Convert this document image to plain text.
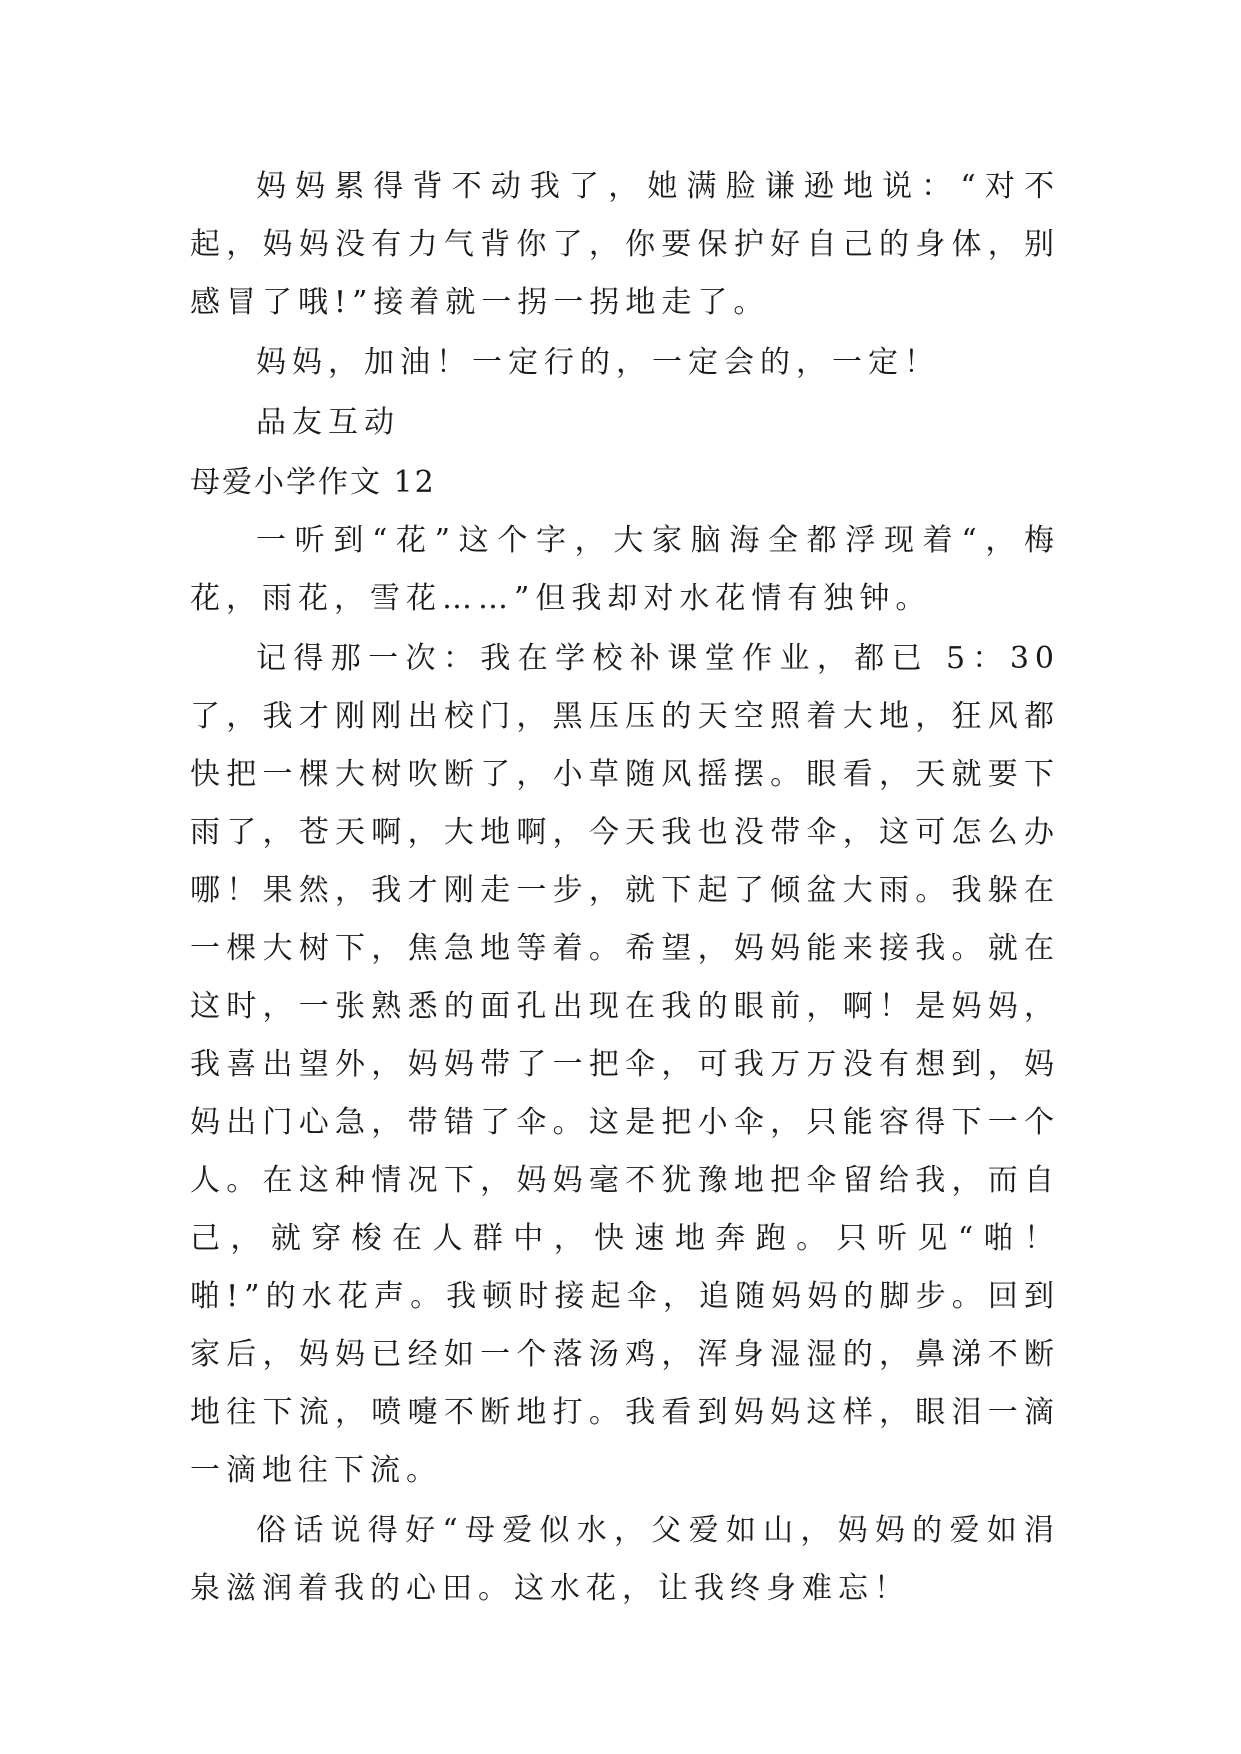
妈妈累得背不动我了，她满脸谦逊地说：“对不起，妈妈没有力气背你了，你要保护好自己的身体，别感冒了哦!”接着就一拐一拐地走了。

妈妈，加油！一定行的，一定会的，一定！

品友互动

母爱小学作文 12

一听到“花”这个字，大家脑海全都浮现着“，梅花，雨花，雪花……”但我却对水花情有独钟。

记得那一次：我在学校补课堂作业，都已 5：30 了，我才刚刚出校门，黑压压的天空照着大地，狂风都快把一棵大树吹断了，小草随风摇摆。眼看，天就要下雨了，苍天啊，大地啊，今天我也没带伞，这可怎么办哪！果然，我才刚走一步，就下起了倾盆大雨。我躲在一棵大树下，焦急地等着。希望，妈妈能来接我。就在这时，一张熟悉的面孔出现在我的眼前，啊！是妈妈，我喜出望外，妈妈带了一把伞，可我万万没有想到，妈妈出门心急，带错了伞。这是把小伞，只能容得下一个人。在这种情况下，妈妈毫不犹豫地把伞留给我，而自己，就穿梭在人群中，快速地奔跑。只听见“啪！啪!”的水花声。我顿时接起伞，追随妈妈的脚步。回到家后，妈妈已经如一个落汤鸡，浑身湿湿的，鼻涕不断地往下流，喷嚏不断地打。我看到妈妈这样，眼泪一滴一滴地往下流。

俗话说得好“母爱似水，父爱如山，妈妈的爱如涓泉滋润着我的心田。这水花，让我终身难忘！
